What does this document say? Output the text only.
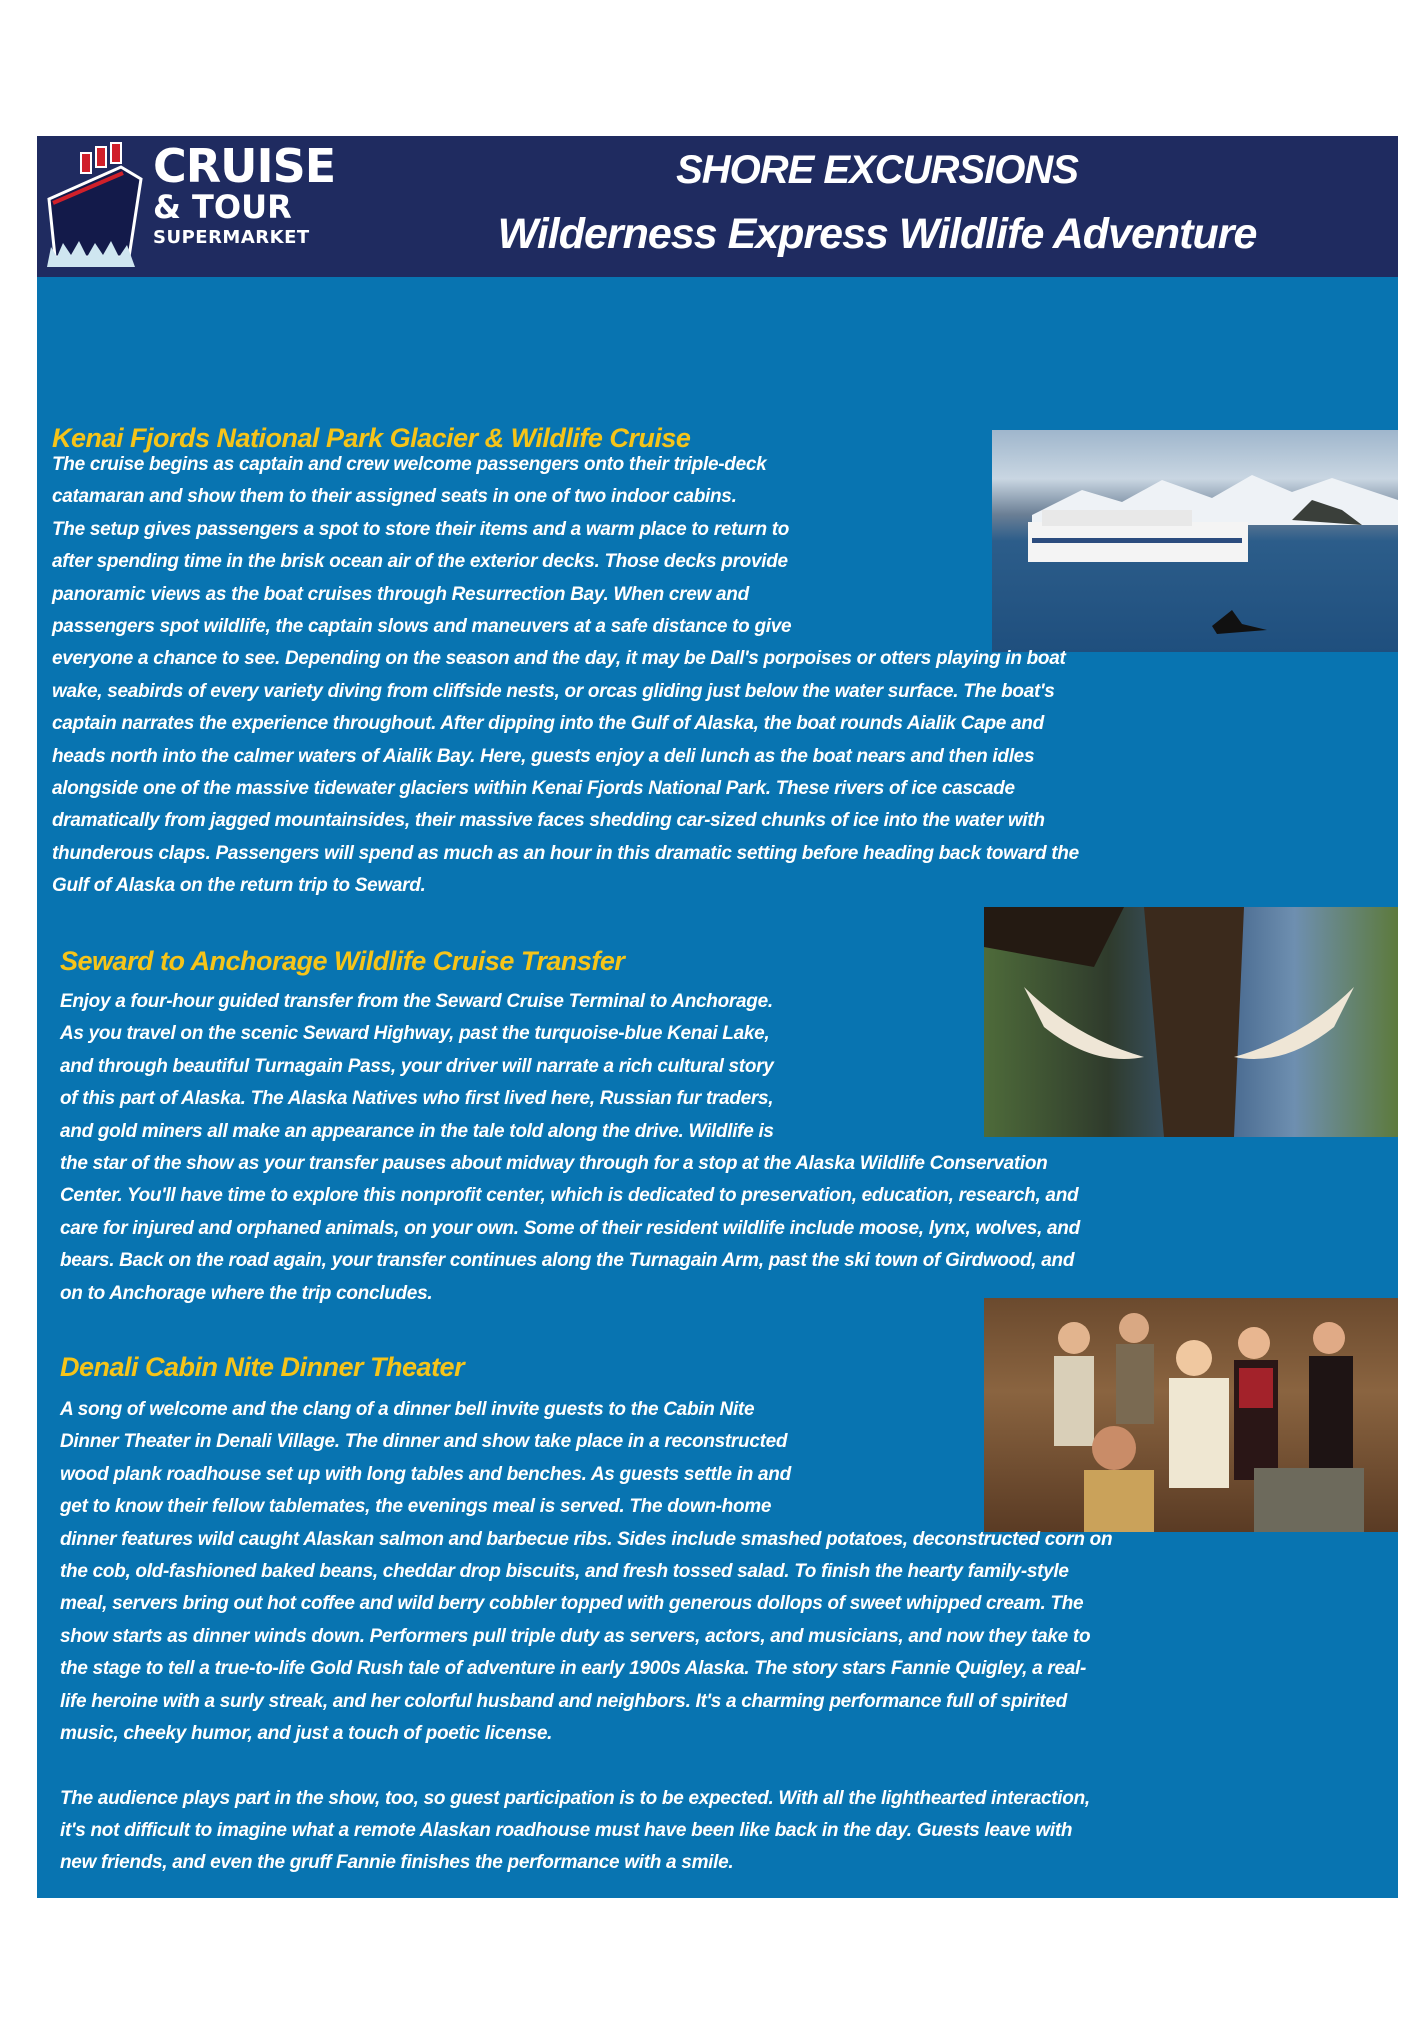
CRUISE
& TOUR
SUPERMARKET
SHORE EXCURSIONS
Wilderness Express Wildlife Adventure
Kenai Fjords National Park Glacier & Wildlife Cruise
The cruise begins as captain and crew welcome passengers onto their triple-deck
catamaran and show them to their assigned seats in one of two indoor cabins.
The setup gives passengers a spot to store their items and a warm place to return to
after spending time in the brisk ocean air of the exterior decks. Those decks provide
panoramic views as the boat cruises through Resurrection Bay. When crew and
passengers spot wildlife, the captain slows and maneuvers at a safe distance to give
everyone a chance to see. Depending on the season and the day, it may be Dall's porpoises or otters playing in boat
wake, seabirds of every variety diving from cliffside nests, or orcas gliding just below the water surface. The boat's
captain narrates the experience throughout. After dipping into the Gulf of Alaska, the boat rounds Aialik Cape and
heads north into the calmer waters of Aialik Bay. Here, guests enjoy a deli lunch as the boat nears and then idles
alongside one of the massive tidewater glaciers within Kenai Fjords National Park. These rivers of ice cascade
dramatically from jagged mountainsides, their massive faces shedding car-sized chunks of ice into the water with
thunderous claps. Passengers will spend as much as an hour in this dramatic setting before heading back toward the
Gulf of Alaska on the return trip to Seward.
Seward to Anchorage Wildlife Cruise Transfer
Enjoy a four-hour guided transfer from the Seward Cruise Terminal to Anchorage.
As you travel on the scenic Seward Highway, past the turquoise-blue Kenai Lake,
and through beautiful Turnagain Pass, your driver will narrate a rich cultural story
of this part of Alaska. The Alaska Natives who first lived here, Russian fur traders,
and gold miners all make an appearance in the tale told along the drive. Wildlife is
the star of the show as your transfer pauses about midway through for a stop at the Alaska Wildlife Conservation
Center. You'll have time to explore this nonprofit center, which is dedicated to preservation, education, research, and
care for injured and orphaned animals, on your own. Some of their resident wildlife include moose, lynx, wolves, and
bears. Back on the road again, your transfer continues along the Turnagain Arm, past the ski town of Girdwood, and
on to Anchorage where the trip concludes.
Denali Cabin Nite Dinner Theater
A song of welcome and the clang of a dinner bell invite guests to the Cabin Nite
Dinner Theater in Denali Village. The dinner and show take place in a reconstructed
wood plank roadhouse set up with long tables and benches. As guests settle in and
get to know their fellow tablemates, the evenings meal is served. The down-home
dinner features wild caught Alaskan salmon and barbecue ribs. Sides include smashed potatoes, deconstructed corn on
the cob, old-fashioned baked beans, cheddar drop biscuits, and fresh tossed salad. To finish the hearty family-style
meal, servers bring out hot coffee and wild berry cobbler topped with generous dollops of sweet whipped cream. The
show starts as dinner winds down. Performers pull triple duty as servers, actors, and musicians, and now they take to
the stage to tell a true-to-life Gold Rush tale of adventure in early 1900s Alaska. The story stars Fannie Quigley, a real-
life heroine with a surly streak, and her colorful husband and neighbors. It's a charming performance full of spirited
music, cheeky humor, and just a touch of poetic license.
The audience plays part in the show, too, so guest participation is to be expected. With all the lighthearted interaction,
it's not difficult to imagine what a remote Alaskan roadhouse must have been like back in the day. Guests leave with
new friends, and even the gruff Fannie finishes the performance with a smile.
